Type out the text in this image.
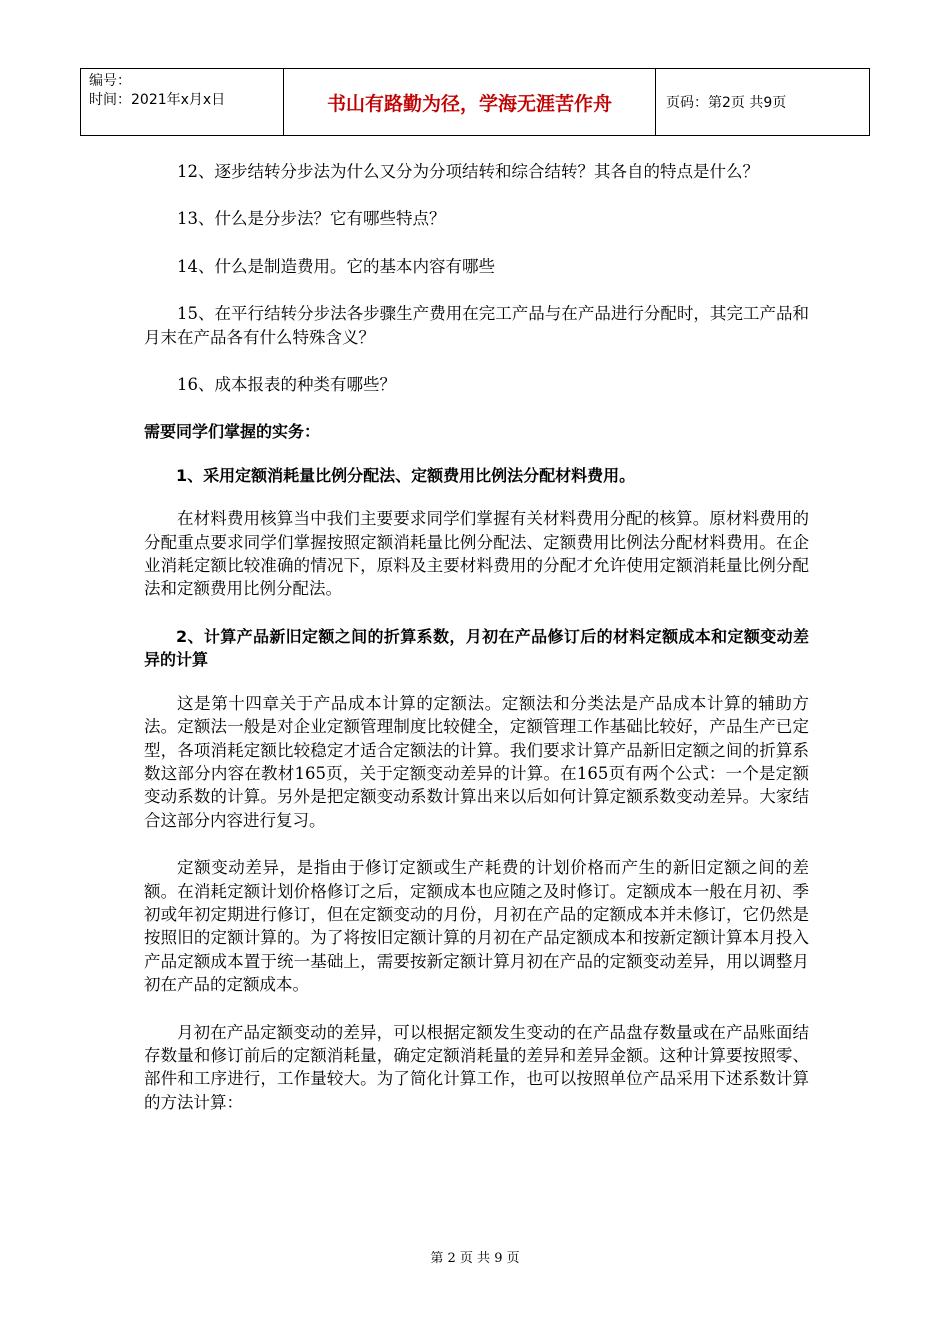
编号：
时间：2021年x月x日	书山有路勤为径，学海无涯苦作舟	页码：第2页 共9页

12、逐步结转分步法为什么又分为分项结转和综合结转？其各自的特点是什么？

13、什么是分步法？它有哪些特点？

14、什么是制造费用。它的基本内容有哪些

15、在平行结转分步法各步骤生产费用在完工产品与在产品进行分配时，其完工产品和月末在产品各有什么特殊含义？

16、成本报表的种类有哪些？

需要同学们掌握的实务：

1、采用定额消耗量比例分配法、定额费用比例法分配材料费用。

在材料费用核算当中我们主要要求同学们掌握有关材料费用分配的核算。原材料费用的分配重点要求同学们掌握按照定额消耗量比例分配法、定额费用比例法分配材料费用。在企业消耗定额比较准确的情况下，原料及主要材料费用的分配才允许使用定额消耗量比例分配法和定额费用比例分配法。

2、计算产品新旧定额之间的折算系数，月初在产品修订后的材料定额成本和定额变动差异的计算

这是第十四章关于产品成本计算的定额法。定额法和分类法是产品成本计算的辅助方法。定额法一般是对企业定额管理制度比较健全，定额管理工作基础比较好，产品生产已定型，各项消耗定额比较稳定才适合定额法的计算。我们要求计算产品新旧定额之间的折算系数这部分内容在教材165页，关于定额变动差异的计算。在165页有两个公式：一个是定额变动系数的计算。另外是把定额变动系数计算出来以后如何计算定额系数变动差异。大家结合这部分内容进行复习。

定额变动差异，是指由于修订定额或生产耗费的计划价格而产生的新旧定额之间的差额。在消耗定额计划价格修订之后，定额成本也应随之及时修订。定额成本一般在月初、季初或年初定期进行修订，但在定额变动的月份，月初在产品的定额成本并未修订，它仍然是按照旧的定额计算的。为了将按旧定额计算的月初在产品定额成本和按新定额计算本月投入产品定额成本置于统一基础上，需要按新定额计算月初在产品的定额变动差异，用以调整月初在产品的定额成本。

月初在产品定额变动的差异，可以根据定额发生变动的在产品盘存数量或在产品账面结存数量和修订前后的定额消耗量，确定定额消耗量的差异和差异金额。这种计算要按照零、部件和工序进行，工作量较大。为了简化计算工作，也可以按照单位产品采用下述系数计算的方法计算：

第 2 页 共 9 页
